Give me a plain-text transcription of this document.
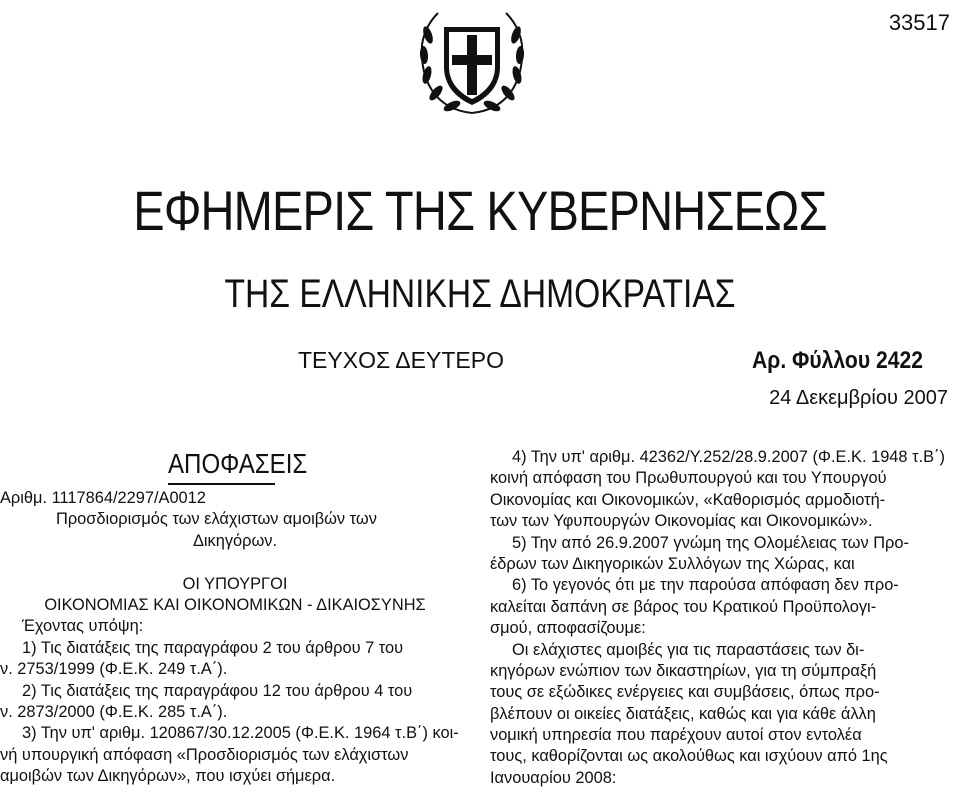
33517
ΕΦΗΜΕΡΙΣ ΤΗΣ ΚΥΒΕΡΝΗΣΕΩΣ
ΤΗΣ ΕΛΛΗΝΙΚΗΣ ΔΗΜΟΚΡΑΤΙΑΣ
ΤΕΥΧΟΣ ΔΕΥΤΕΡΟ	Αρ. Φύλλου 2422
24 Δεκεμβρίου 2007
ΑΠΟΦΑΣΕΙΣ
Αριθμ. 1117864/2297/Α0012
Προσδιορισμός των ελάχιστων αμοιβών των
Δικηγόρων.
ΟΙ ΥΠΟΥΡΓΟΙ
ΟΙΚΟΝΟΜΙΑΣ ΚΑΙ ΟΙΚΟΝΟΜΙΚΩΝ - ΔΙΚΑΙΟΣΥΝΗΣ
Έχοντας υπόψη:
1) Τις διατάξεις της παραγράφου 2 του άρθρου 7 του
ν. 2753/1999 (Φ.Ε.Κ. 249 τ.Α΄).
2) Τις διατάξεις της παραγράφου 12 του άρθρου 4 του
ν. 2873/2000 (Φ.Ε.Κ. 285 τ.Α΄).
3) Την υπ' αριθμ. 120867/30.12.2005 (Φ.Ε.Κ. 1964 τ.Β΄) κοι-
νή υπουργική απόφαση «Προσδιορισμός των ελάχιστων
αμοιβών των Δικηγόρων», που ισχύει σήμερα.
4) Την υπ' αριθμ. 42362/Υ.252/28.9.2007 (Φ.Ε.Κ. 1948 τ.Β΄)
κοινή απόφαση του Πρωθυπουργού και του Υπουργού
Οικονομίας και Οικονομικών, «Καθορισμός αρμοδιοτή-
των των Υφυπουργών Οικονομίας και Οικονομικών».
5) Την από 26.9.2007 γνώμη της Ολομέλειας των Προ-
έδρων των Δικηγορικών Συλλόγων της Χώρας, και
6) Το γεγονός ότι με την παρούσα απόφαση δεν προ-
καλείται δαπάνη σε βάρος του Κρατικού Προϋπολογι-
σμού, αποφασίζουμε:
Οι ελάχιστες αμοιβές για τις παραστάσεις των δι-
κηγόρων ενώπιον των δικαστηρίων, για τη σύμπραξή
τους σε εξώδικες ενέργειες και συμβάσεις, όπως προ-
βλέπουν οι οικείες διατάξεις, καθώς και για κάθε άλλη
νομική υπηρεσία που παρέχουν αυτοί στον εντολέα
τους, καθορίζονται ως ακολούθως και ισχύουν από 1ης
Ιανουαρίου 2008:
